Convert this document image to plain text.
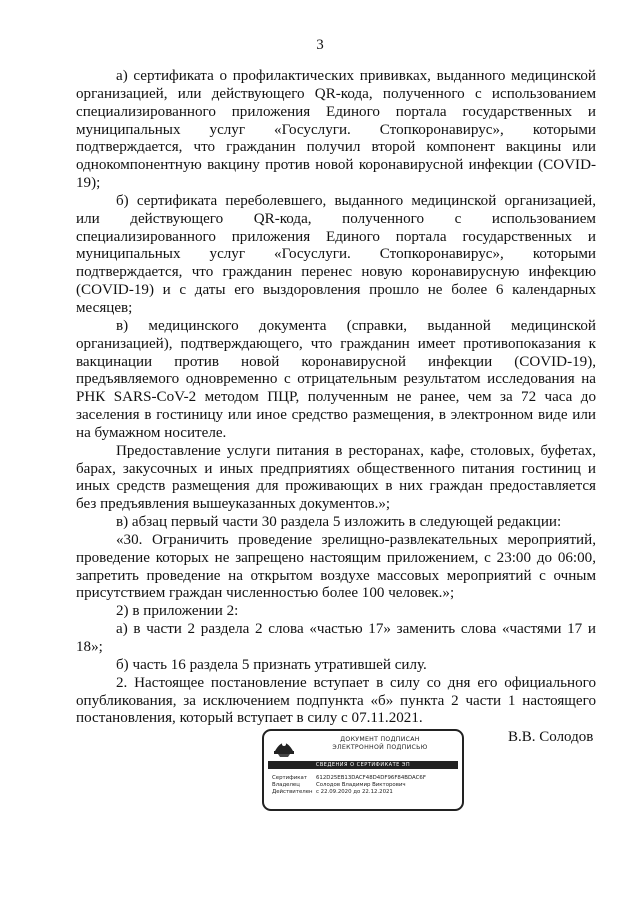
3

а) сертификата о профилактических прививках, выданного медицинской организацией, или действующего QR-кода, полученного с использованием специализированного приложения Единого портала государственных и муниципальных услуг «Госуслуги. Стопкоронавирус», которыми подтверждается, что гражданин получил второй компонент вакцины или однокомпонентную вакцину против новой коронавирусной инфекции (COVID-19);

б) сертификата переболевшего, выданного медицинской организацией, или действующего QR-кода, полученного с использованием специализированного приложения Единого портала государственных и муниципальных услуг «Госуслуги. Стопкоронавирус», которыми подтверждается, что гражданин перенес новую коронавирусную инфекцию (COVID-19) и с даты его выздоровления прошло не более 6 календарных месяцев;

в) медицинского документа (справки, выданной медицинской организацией), подтверждающего, что гражданин имеет противопоказания к вакцинации против новой коронавирусной инфекции (COVID-19), предъявляемого одновременно с отрицательным результатом исследования на РНК SARS-CoV-2 методом ПЦР, полученным не ранее, чем за 72 часа до заселения в гостиницу или иное средство размещения, в электронном виде или на бумажном носителе.

Предоставление услуги питания в ресторанах, кафе, столовых, буфетах, барах, закусочных и иных предприятиях общественного питания гостиниц и иных средств размещения для проживающих в них граждан предоставляется без предъявления вышеуказанных документов.»;

в) абзац первый части 30 раздела 5 изложить в следующей редакции:

«30. Ограничить проведение зрелищно-развлекательных мероприятий, проведение которых не запрещено настоящим приложением, с 23:00 до 06:00, запретить проведение на открытом воздухе массовых мероприятий с очным присутствием граждан численностью более 100 человек.»;

2) в приложении 2:

а) в части 2 раздела 2 слова «частью 17» заменить слова «частями 17 и 18»;

б) часть 16 раздела 5 признать утратившей силу.

2. Настоящее постановление вступает в силу со дня его официального опубликования, за исключением подпункта «б» пункта 2 части 1 настоящего постановления, который вступает в силу с 07.11.2021.

ДОКУМЕНТ ПОДПИСАН
ЭЛЕКТРОННОЙ ПОДПИСЬЮ
СВЕДЕНИЯ О СЕРТИФИКАТЕ ЭП
Сертификат 612D25EB13DACF48D4DF96F84BDAC6F
Владелец	Солодов Владимир Викторович
Действителен с 22.09.2020 до 22.12.2021
В.В. Солодов
